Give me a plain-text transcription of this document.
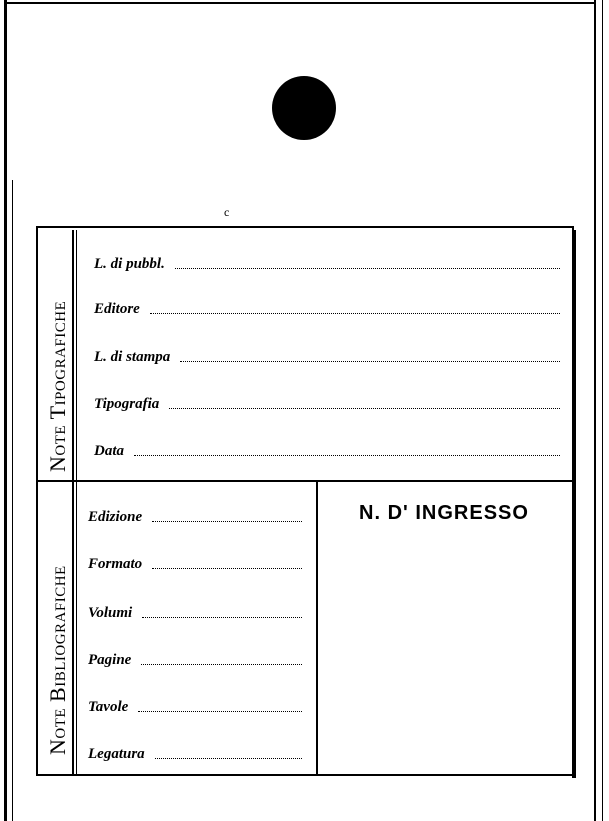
c
Note Tipografiche
Note Bibliografiche
L. di pubbl.
Editore
L. di stampa
Tipografia
Data
Edizione
Formato
Volumi
Pagine
Tavole
Legatura
N. D' INGRESSO
